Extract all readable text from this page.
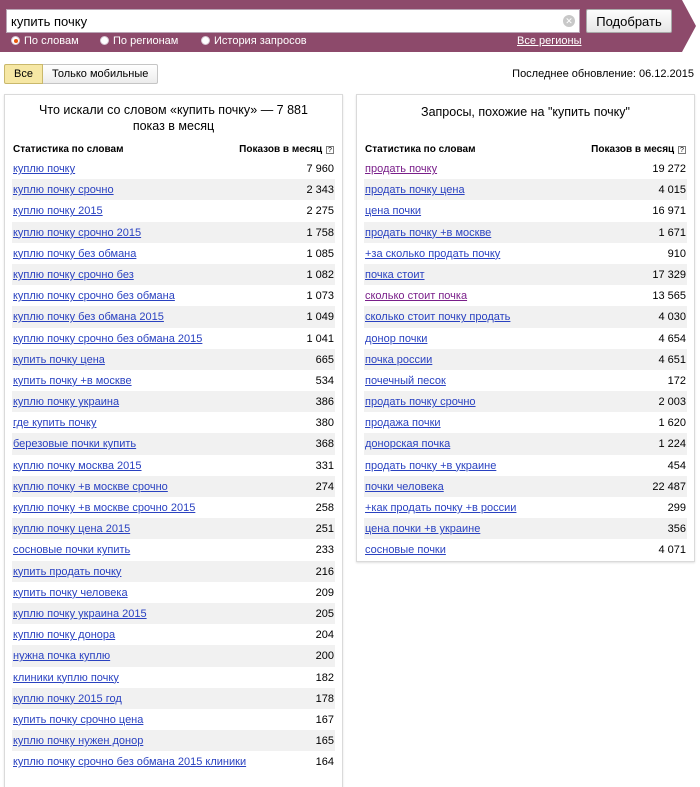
купить почку
✕	Подобрать
По словам	По регионам	История запросов	Все регионы
Все	Только мобильные	Последнее обновление: 06.12.2015
Что искали со словом «купить почку» — 7 881 показ в месяц
Статистика по словам	Показов в месяц ?
куплю почку	7 960
куплю почку срочно	2 343
куплю почку 2015	2 275
куплю почку срочно 2015	1 758
куплю почку без обмана	1 085
куплю почку срочно без	1 082
куплю почку срочно без обмана	1 073
куплю почку без обмана 2015	1 049
куплю почку срочно без обмана 2015	1 041
купить почку цена	665
купить почку +в москве	534
куплю почку украина	386
где купить почку	380
березовые почки купить	368
куплю почку москва 2015	331
куплю почку +в москве срочно	274
куплю почку +в москве срочно 2015	258
куплю почку цена 2015	251
сосновые почки купить	233
купить продать почку	216
купить почку человека	209
куплю почку украина 2015	205
куплю почку донора	204
нужна почка куплю	200
клиники куплю почку	182
куплю почку 2015 год	178
купить почку срочно цена	167
куплю почку нужен донор	165
куплю почку срочно без обмана 2015 клиники	164
Запросы, похожие на "купить почку"
Статистика по словам	Показов в месяц ?
продать почку	19 272
продать почку цена	4 015
цена почки	16 971
продать почку +в москве	1 671
+за сколько продать почку	910
почка стоит	17 329
сколько стоит почка	13 565
сколько стоит почку продать	4 030
донор почки	4 654
почка россии	4 651
почечный песок	172
продать почку срочно	2 003
продажа почки	1 620
донорская почка	1 224
продать почку +в украине	454
почки человека	22 487
+как продать почку +в россии	299
цена почки +в украине	356
сосновые почки	4 071
